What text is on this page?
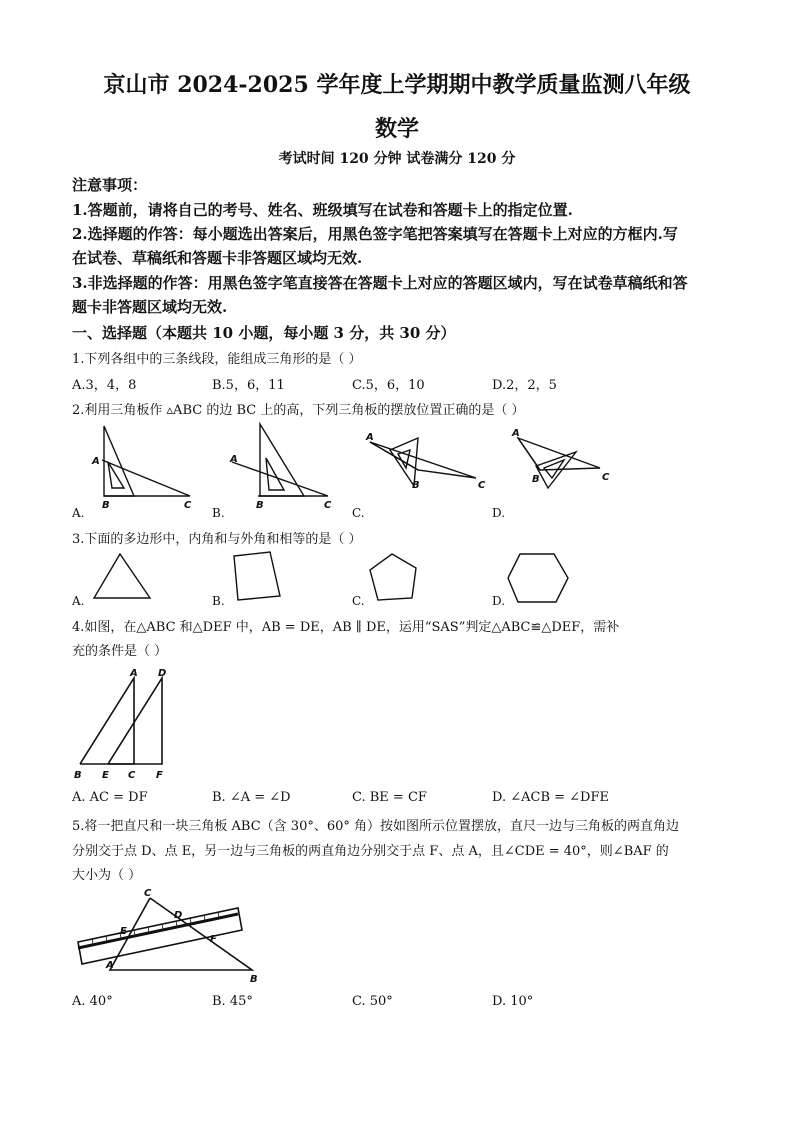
京山市 2024-2025 学年度上学期期中教学质量监测八年级
数学
考试时间 120 分钟 试卷满分 120 分
注意事项：
1.答题前，请将自己的考号、姓名、班级填写在试卷和答题卡上的指定位置.
2.选择题的作答：每小题选出答案后，用黑色签字笔把答案填写在答题卡上对应的方框内.写
在试卷、草稿纸和答题卡非答题区域均无效.
3.非选择题的作答：用黑色签字笔直接答在答题卡上对应的答题区域内，写在试卷草稿纸和答
题卡非答题区域均无效.
一、选择题（本题共 10 小题，每小题 3 分，共 30 分）
1.下列各组中的三条线段，能组成三角形的是（ ）
A.3，4，8	B.5，6，11	C.5，6，10	D.2，2，5
2.利用三角板作 ▵ABC 的边 BC 上的高，下列三角板的摆放位置正确的是（ ）
A
B	C
A
B	C
A
B	C
A
B	C
A.	B.	C.	D.
3.下面的多边形中，内角和与外角和相等的是（ ）
A.	B.	C.	D.
4.如图，在△ABC 和△DEF 中，AB = DE，AB ∥ DE，运用“SAS”判定△ABC≌△DEF，需补
充的条件是（ ）
A D
B E C F
A. AC = DF	B. ∠A = ∠D	C. BE = CF	D. ∠ACB = ∠DFE
5.将一把直尺和一块三角板 ABC（含 30°、60° 角）按如图所示位置摆放，直尺一边与三角板的两直角边
分别交于点 D、点 E，另一边与三角板的两直角边分别交于点 F、点 A，且∠CDE = 40°，则∠BAF 的
大小为（ ）
C
D
E
F
A
B
A. 40°	B. 45°	C. 50°	D. 10°
